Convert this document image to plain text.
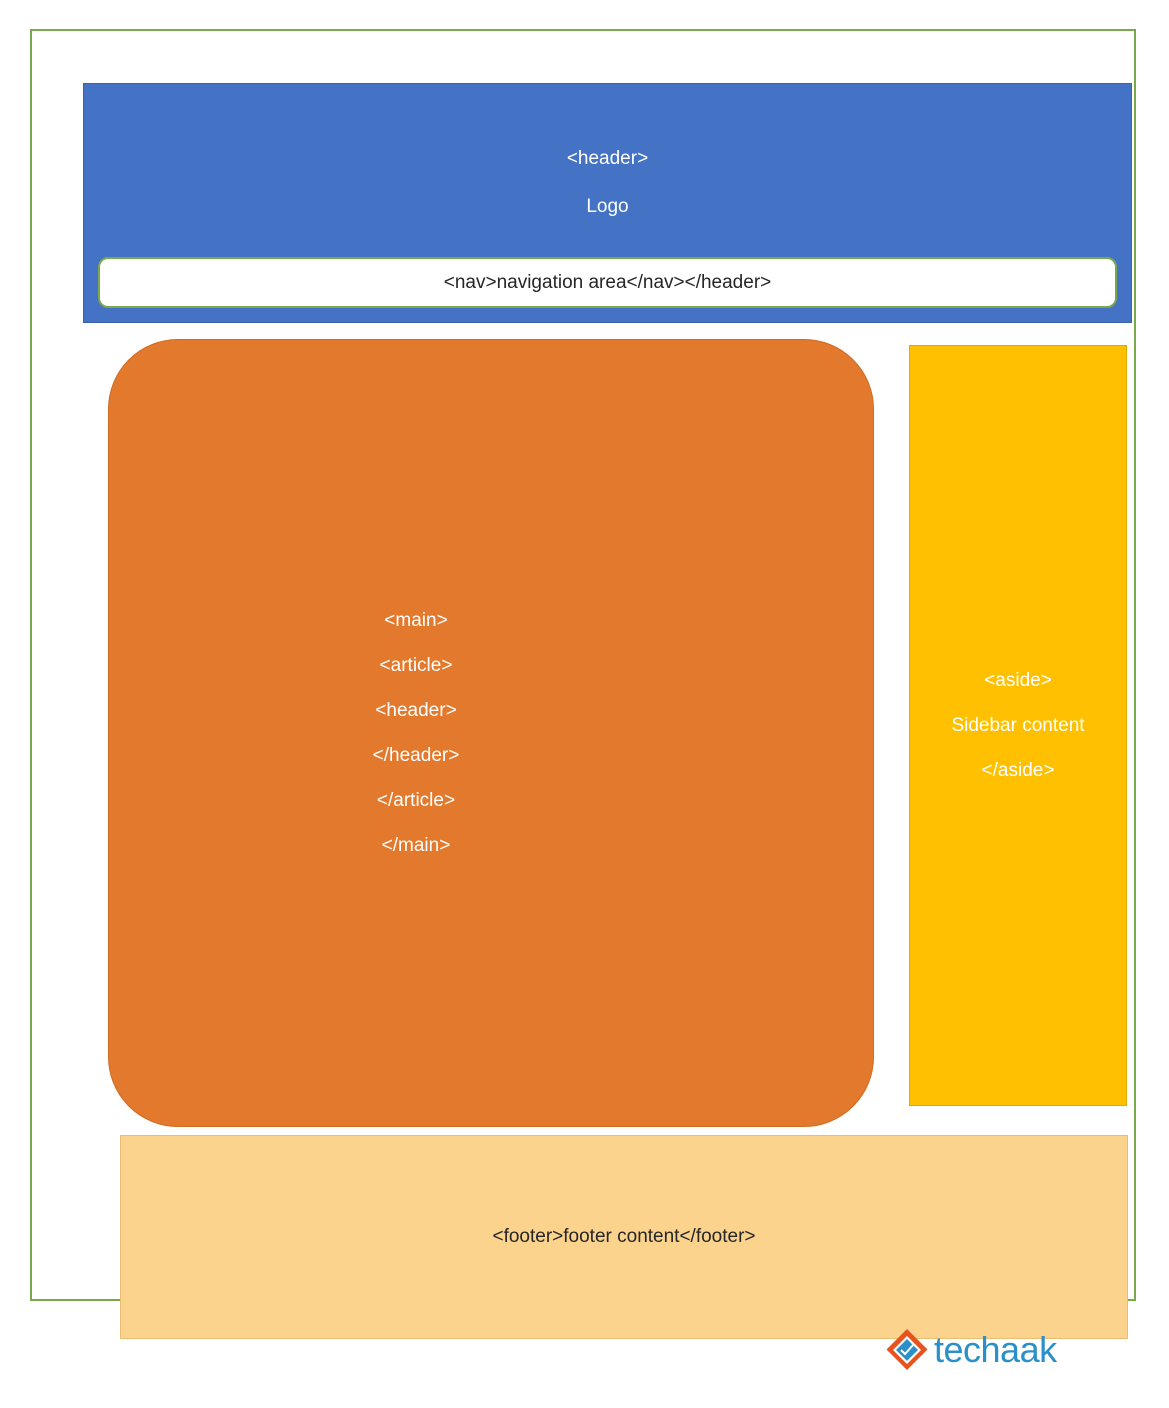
<header>
Logo
<nav>navigation area</nav></header>
<main>
<article>
<header>
</header>
</article>
</main>
<aside>
Sidebar content
</aside>
<footer>footer content</footer>
techaak
